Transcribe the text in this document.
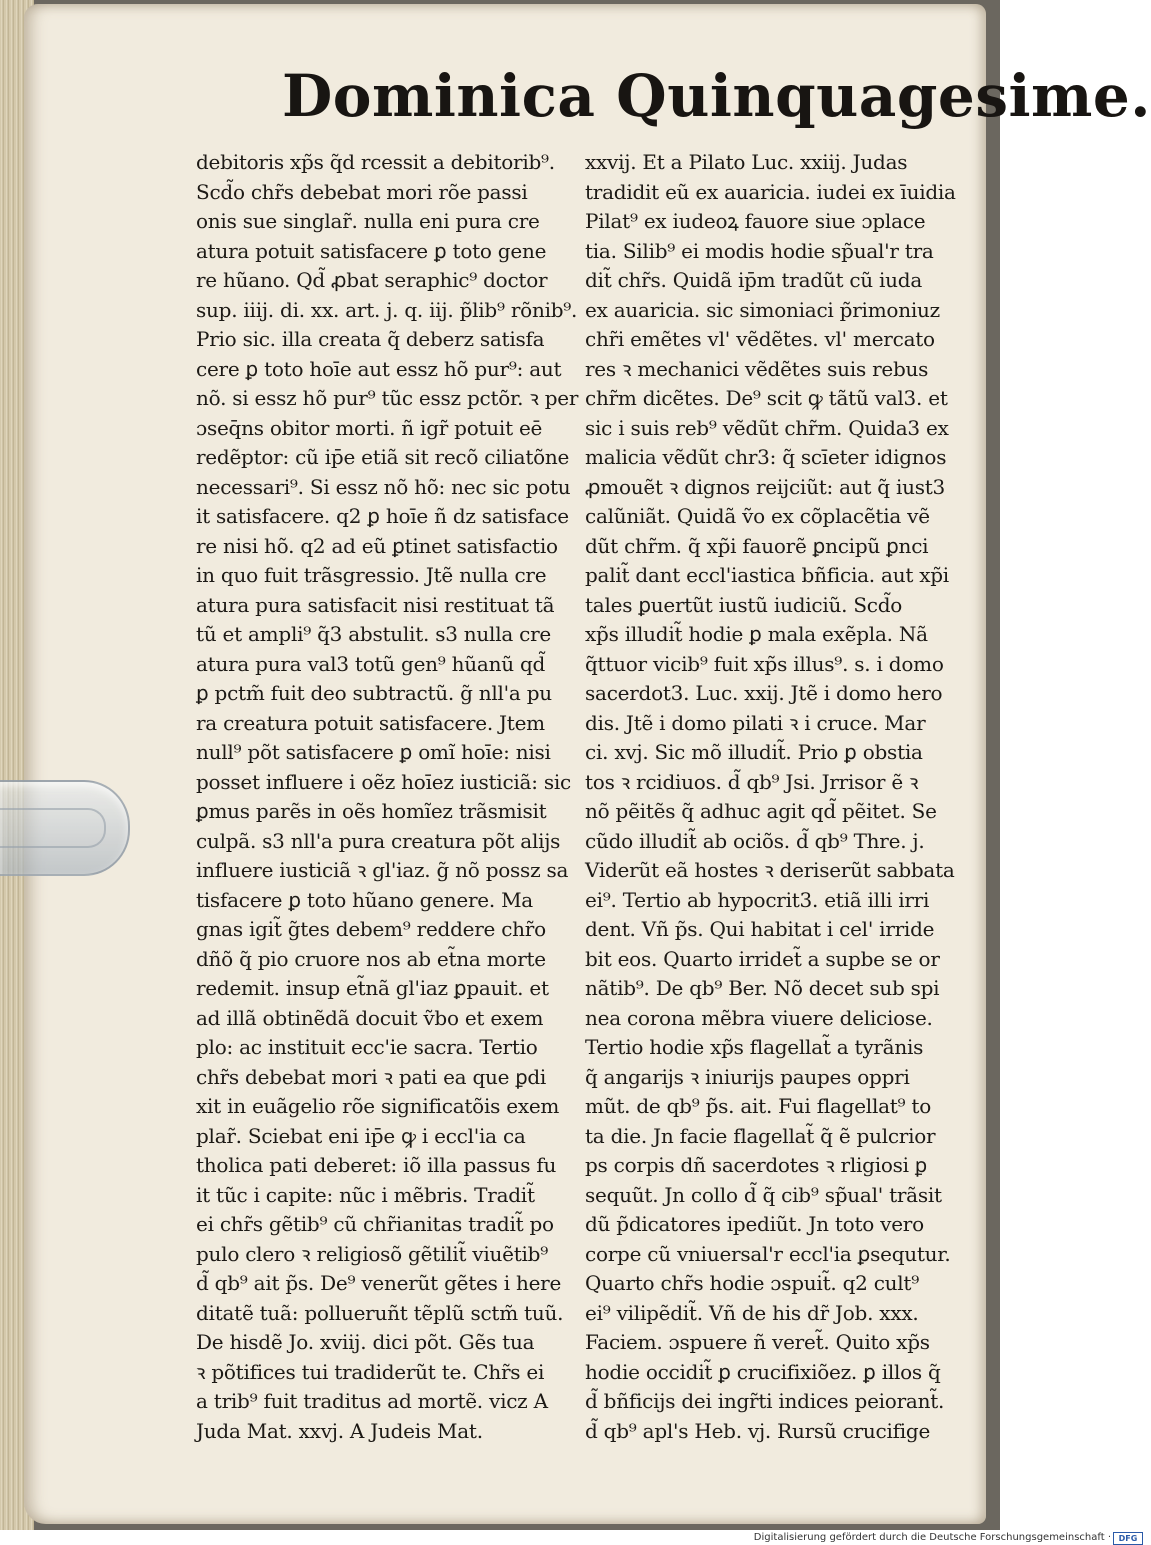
Dominica Quinquagesime.
debitoris xp̃s q̃d rcessit a debitorib⁹.
Scd̃o chr̃s debebat mori rõe passi
onis sue singlar̃. nulla eni pura cre
atura potuit satisfacere ꝑ toto gene
re hũano. Qd̃ ꝓbat seraphic⁹ doctor
sup. iiij. di. xx. art. j. q. iij. p̃lib⁹ rõnib⁹.
Prio sic. illa creata q̃ deberz satisfa
cere ꝑ toto hoīe aut essz hõ pur⁹: aut
nõ. si essz hõ pur⁹ tũc essz pctõr. ꝛ per
ɔseq̄ns obitor morti. ñ igr̃ potuit eē
redẽptor: cũ ip̄e etiã sit recõ ciliatõne
necessari⁹. Si essz nõ hõ: nec sic potu
it satisfacere. q2 ꝑ hoīe ñ dz satisface
re nisi hõ. q2 ad eũ ꝑtinet satisfactio
in quo fuit trãsgressio. Jtẽ nulla cre
atura pura satisfacit nisi restituat tã
tũ et ampli⁹ q̃3 abstulit. s3 nulla cre
atura pura val3 totũ gen⁹ hũanũ qd̃
ꝑ pctm̃ fuit deo subtractũ. g̃ nll'a pu
ra creatura potuit satisfacere. Jtem
null⁹ põt satisfacere ꝑ omĩ hoīe: nisi
posset influere i oẽz hoīez iusticiã: sic
ꝑmus parẽs in oẽs homĩez trãsmisit
culpã. s3 nll'a pura creatura põt alijs
influere iusticiã ꝛ gl'iaz. g̃ nõ possz sa
tisfacere ꝑ toto hũano genere. Ma
gnas igit̃ g̃tes debem⁹ reddere chr̃o
dñõ q̃ pio cruore nos ab et̃na morte
redemit. insup et̃nã gl'iaz ꝑpauit. et
ad illã obtinẽdã docuit ṽbo et exem
plo: ac instituit ecc'ie sacra. Tertio
chr̃s debebat mori ꝛ pati ea que ꝑdi
xit in euãgelio rõe significatõis exem
plar̃. Sciebat eni ip̄e ꝙ i eccl'ia ca
tholica pati deberet: iõ illa passus fu
it tũc i capite: nũc i mẽbris. Tradit̃
ei chr̃s gẽtib⁹ cũ chr̃ianitas tradit̃ po
pulo clero ꝛ religiosõ gẽtilit̃ viuẽtib⁹
d̃ qb⁹ ait p̃s. De⁹ venerũt gẽtes i here
ditatẽ tuã: pollueruñt tẽplũ sctm̃ tuũ.
De hisdẽ Jo. xviij. dici põt. Gẽs tua
ꝛ põtifices tui tradiderũt te. Chr̃s ei
a trib⁹ fuit traditus ad mortẽ. vicz A
Juda Mat. xxvj. A Judeis Mat.
xxvij. Et a Pilato Luc. xxiij. Judas
tradidit eũ ex auaricia. iudei ex īuidia
Pilat⁹ ex iudeoꝝ fauore siue ɔplace
tia. Silib⁹ ei modis hodie sp̃ual'r tra
dit̃ chr̃s. Quidã ip̄m tradũt cũ iuda
ex auaricia. sic simoniaci p̃rimoniuz
chr̃i emẽtes vl' vẽdẽtes. vl' mercato
res ꝛ mechanici vẽdẽtes suis rebus
chr̃m dicẽtes. De⁹ scit ꝙ tãtũ val3. et
sic i suis reb⁹ vẽdũt chr̃m. Quida3 ex
malicia vẽdũt chr3: q̃ scīeter idignos
ꝓmouẽt ꝛ dignos reijciũt: aut q̃ iust3
calũniãt. Quidã ṽo ex cõplacẽtia vẽ
dũt chr̃m. q̃ xp̃i fauorẽ ꝑncipũ ꝑnci
palit̃ dant eccl'iastica bñficia. aut xp̃i
tales ꝑuertũt iustũ iudiciũ. Scd̃o
xp̃s illudit̃ hodie ꝑ mala exẽpla. Nã
q̃ttuor vicib⁹ fuit xp̃s illus⁹. s. i domo
sacerdot3. Luc. xxij. Jtẽ i domo hero
dis. Jtẽ i domo pilati ꝛ i cruce. Mar
ci. xvj. Sic mõ illudit̃. Prio ꝑ obstia
tos ꝛ rcidiuos. d̃ qb⁹ Jsi. Jrrisor ẽ ꝛ
nõ pẽitẽs q̃ adhuc agit qd̃ pẽitet. Se
cũdo illudit̃ ab ociõs. d̃ qb⁹ Thre. j.
Viderũt eã hostes ꝛ deriserũt sabbata
ei⁹. Tertio ab hypocrit3. etiã illi irri
dent. Vñ p̃s. Qui habitat i cel' irride
bit eos. Quarto irridet̃ a supbe se or
nãtib⁹. De qb⁹ Ber. Nõ decet sub spi
nea corona mẽbra viuere deliciose.
Tertio hodie xp̃s flagellat̃ a tyrãnis
q̃ angarijs ꝛ iniurijs paupes oppri
mũt. de qb⁹ p̃s. ait. Fui flagellat⁹ to
ta die. Jn facie flagellat̃ q̃ ẽ pulcrior
ps corpis dñ sacerdotes ꝛ rligiosi ꝑ
sequũt. Jn collo d̃ q̃ cib⁹ sp̃ual' trãsit
dũ p̃dicatores ipediũt. Jn toto vero
corpe cũ vniuersal'r eccl'ia ꝑsequtur.
Quarto chr̃s hodie ɔspuit̃. q2 cult⁹
ei⁹ vilipẽdit̃. Vñ de his dr̃ Job. xxx.
Faciem. ɔspuere ñ veret̃. Quito xp̃s
hodie occidit̃ ꝑ crucifixiõez. ꝑ illos q̃
d̃ bñficijs dei ingr̃ti indices peiorant̃.
d̃ qb⁹ apl's Heb. vj. Rursũ crucifige
Digitalisierung gefördert durch die Deutsche Forschungsgemeinschaft · DFG
